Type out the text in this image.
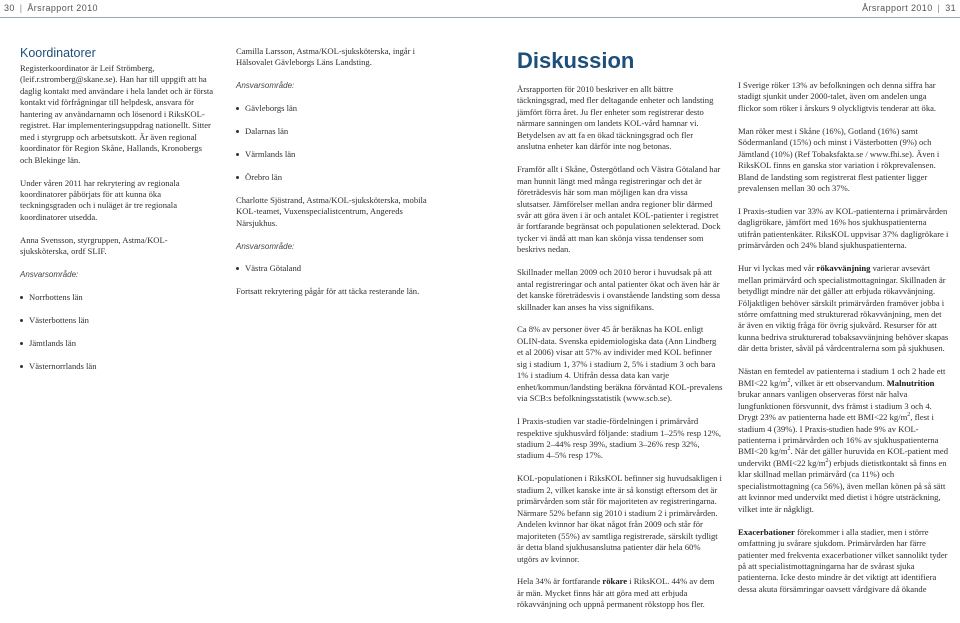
30 | Årsrapport 2010	Årsrapport 2010 | 31
Koordinatorer

Registerkoordinator är Leif Strömberg, (leif.r.stromberg@skane.se). Han har till uppgift att ha daglig kontakt med användare i hela landet och är första kontakt vid förfrågningar till helpdesk, ansvara för hantering av användarnamn och lösenord i RiksKOL-registret. Har implementeringsuppdrag nationellt. Sitter med i styrgrupp och arbetsutskott. Är även regional koordinator för Region Skåne, Hallands, Kronobergs och Blekinge län.

Under våren 2011 har rekrytering av regionala koordinatorer påbörjats för att kunna öka teckningsgraden och i nuläget är tre regionala koordinatorer utsedda.

Anna Svensson, styrgruppen, Astma/KOL-sjuksköterska, ordf SLIF.

Ansvarsområde:
Norrbottens län
Västerbottens län
Jämtlands län
Västernorrlands län

Camilla Larsson, Astma/KOL-sjuksköterska, ingår i Hälsovalet Gävleborgs Läns Landsting.

Ansvarsområde:
Gävleborgs län
Dalarnas län
Värmlands län
Örebro län

Charlotte Sjöstrand, Astma/KOL-sjuksköterska, mobila KOL-teamet, Vuxenspecialistcentrum, Angereds Närsjukhus.

Ansvarsområde:
Västra Götaland

Fortsatt rekrytering pågår för att täcka resterande län.

Diskussion

Årsrapporten för 2010 beskriver en allt bättre täckningsgrad, med fler deltagande enheter och landsting jämfört förra året. Ju fler enheter som registrerar desto närmare sanningen om landets KOL-vård hamnar vi. Betydelsen av att fa en ökad täckningsgrad och fler anslutna enheter kan därför inte nog betonas.

Framför allt i Skåne, Östergötland och Västra Götaland har man hunnit längt med många registreringar och det är företrädesvis här som man möjligen kan dra vissa slutsatser. Jämförelser mellan andra regioner blir därmed svår att göra även i är och antalet KOL-patienter i registret är fortfarande begränsat och populationen selekterad. Dock tycker vi ändå att man kan skönja vissa tendenser som beskrivs nedan.

Skillnader mellan 2009 och 2010 beror i huvudsak på att antal registreringar och antal patienter ökat och även här är det kanske företrädesvis i ovanstående landsting som dessa skillnader kan anses ha viss signifikans.

Ca 8% av personer över 45 år beräknas ha KOL enligt OLIN-data. Svenska epidemiologiska data (Ann Lindberg et al 2006) visar att 57% av individer med KOL befinner sig i stadium 1, 37% i stadium 2, 5% i stadium 3 och bara 1% i stadium 4. Utifrån dessa data kan varje enhet/kommun/landsting beräkna förväntad KOL-prevalens via SCB:s befolkningsstatistik (www.scb.se).

I Praxis-studien var stadie-fördelningen i primärvård respektive sjukhusvård följande: stadium 1–25% resp 12%, stadium 2–44% resp 39%, stadium 3–26% resp 32%, stadium 4–5% resp 17%.

KOL-populationen i RiksKOL befinner sig huvudsakligen i stadium 2, vilket kanske inte är så konstigt eftersom det är primärvården som står för majoriteten av registreringarna. Närmare 52% befann sig 2010 i stadium 2 i primärvården. Andelen kvinnor har ökat något från 2009 och står för majoriteten (55%) av samtliga registrerade, särskilt tydligt är detta bland sjukhusanslutna patienter där hela 60% utgörs av kvinnor.

Hela 34% är fortfarande rökare i RiksKOL. 44% av dem är män. Mycket finns här att göra med att erbjuda rökavvänjning och uppnå permanent rökstopp hos fler.

I Sverige röker 13% av befolkningen och denna siffra har stadigt sjunkit under 2000-talet, även om andelen unga flickor som röker i årskurs 9 olyckligtvis tenderar att öka.

Man röker mest i Skåne (16%), Gotland (16%) samt Södermanland (15%) och minst i Västerbotten (9%) och Jämtland (10%) (Ref Tobaksfakta.se / www.fhi.se). Även i RiksKOL finns en ganska stor variation i rökprevalensen. Bland de landsting som registrerat flest patienter ligger prevalensen mellan 30 och 37%.

I Praxis-studien var 33% av KOL-patienterna i primärvården dagligrökare, jämfört med 16% hos sjukhuspatienterna utifrån patientenkäter. RiksKOL uppvisar 37% dagligrökare i primärvården och 24% bland sjukhuspatienterna.

Hur vi lyckas med vår rökavvänjning varierar avsevärt mellan primärvård och specialistmottagningar. Skillnaden är betydligt mindre när det gäller att erbjuda rökavvänjning. Följaktligen behöver särskilt primärvården framöver jobba i större omfattning med strukturerad rökavvänjning, men det är även en viktig fråga för övrig sjukvård. Resurser för att kunna bedriva strukturerad tobaksavvänjning behöver skapas där detta brister, såväl på vårdcentralerna som på sjukhusen.

Nästan en femtedel av patienterna i stadium 1 och 2 hade ett BMI<22 $kg/m^2$, vilket är ett observandum. Malnutrition brukar annars vanligen observeras först när halva lungfunktionen försvunnit, dvs främst i stadium 3 och 4. Drygt 23% av patienterna hade ett BMI<22 $kg/m^2$, flest i stadium 4 (39%). I Praxis-studien hade 9% av KOL-patienterna i primärvården och 16% av sjukhuspatienterna BMI<20 $kg/m^2$. När det gäller huruvida en KOL-patient med undervikt (BMI<22 $kg/m^2$) erbjuds dietistkontakt så finns en klar skillnad mellan primärvård (ca 11%) och specialistmottagning (ca 56%), även mellan könen på så sätt att kvinnor med undervikt med dietist i högre utsträckning, vilket inte är någkligt.

Exacerbationer förekommer i alla stadier, men i större omfattning ju svårare sjukdom. Primärvården har färre patienter med frekventa exacerbationer vilket sannolikt tyder på att specialistmottagningarna har de svårast sjuka patienterna. Icke desto mindre är det viktigt att identifiera dessa akuta försämringar oavsett vårdgivare då ökande
